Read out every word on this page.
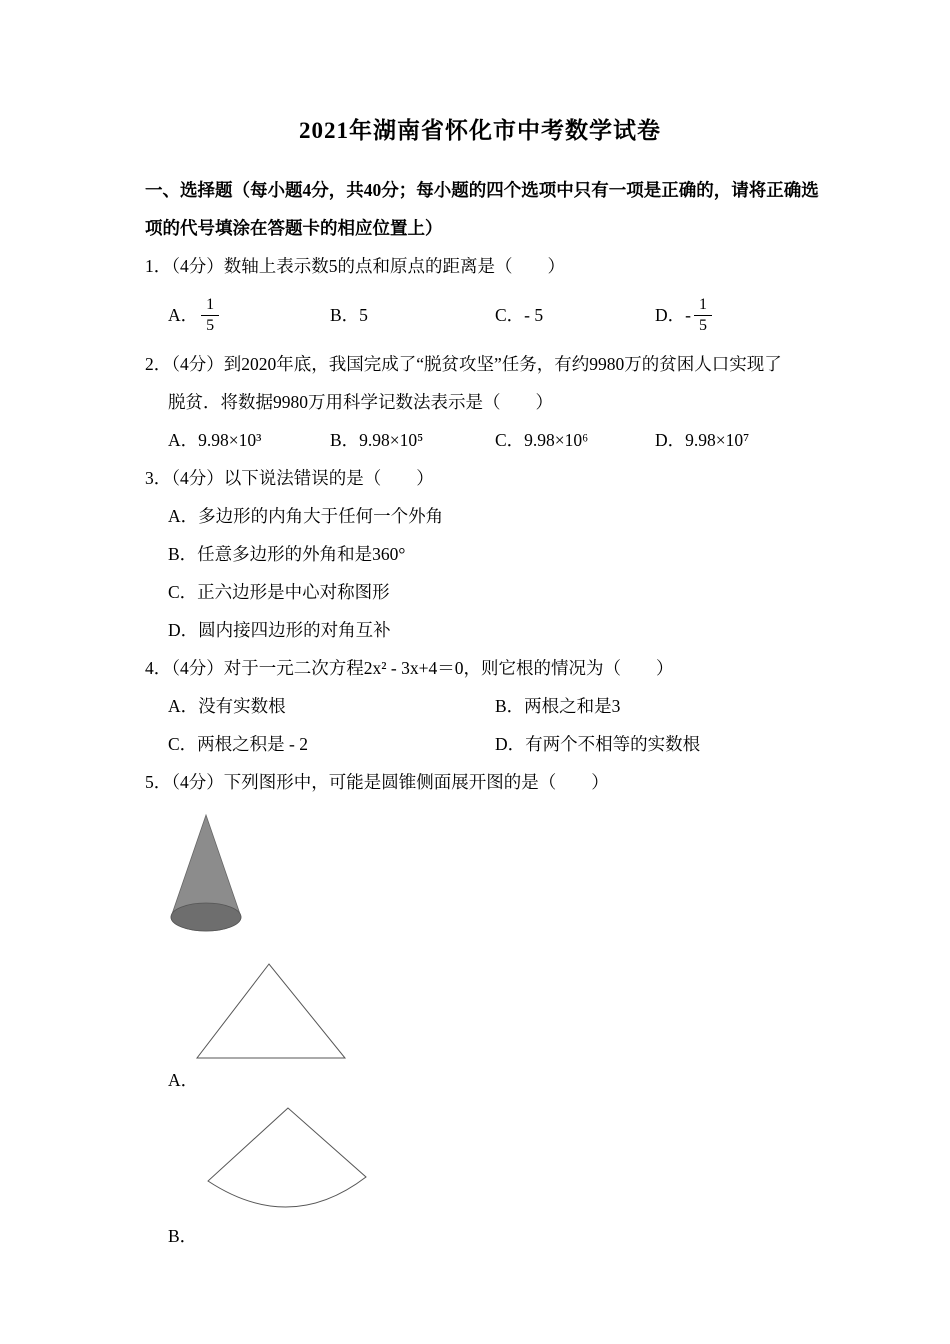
2021年湖南省怀化市中考数学试卷

一、选择题（每小题4分，共40分；每小题的四个选项中只有一项是正确的，请将正确选

项的代号填涂在答题卡的相应位置上）

1．（4分）数轴上表示数5的点和原点的距离是（　　）

A． $\frac{1}{5}$	B．5	C．- 5	D．- $\frac{1}{5}$

2．（4分）到2020年底，我国完成了“脱贫攻坚”任务，有约9980万的贫困人口实现了

脱贫．将数据9980万用科学记数法表示是（　　）

A．9.98×10³	B．9.98×10⁵	C．9.98×10⁶	D．9.98×10⁷

3．（4分）以下说法错误的是（　　）

A．多边形的内角大于任何一个外角

B．任意多边形的外角和是360°

C．正六边形是中心对称图形

D．圆内接四边形的对角互补

4．（4分）对于一元二次方程2x² - 3x+4＝0，则它根的情况为（　　）

A．没有实数根	B．两根之和是3
C．两根之积是 - 2	D．有两个不相等的实数根

5．（4分）下列图形中，可能是圆锥侧面展开图的是（　　）

A．

B．
